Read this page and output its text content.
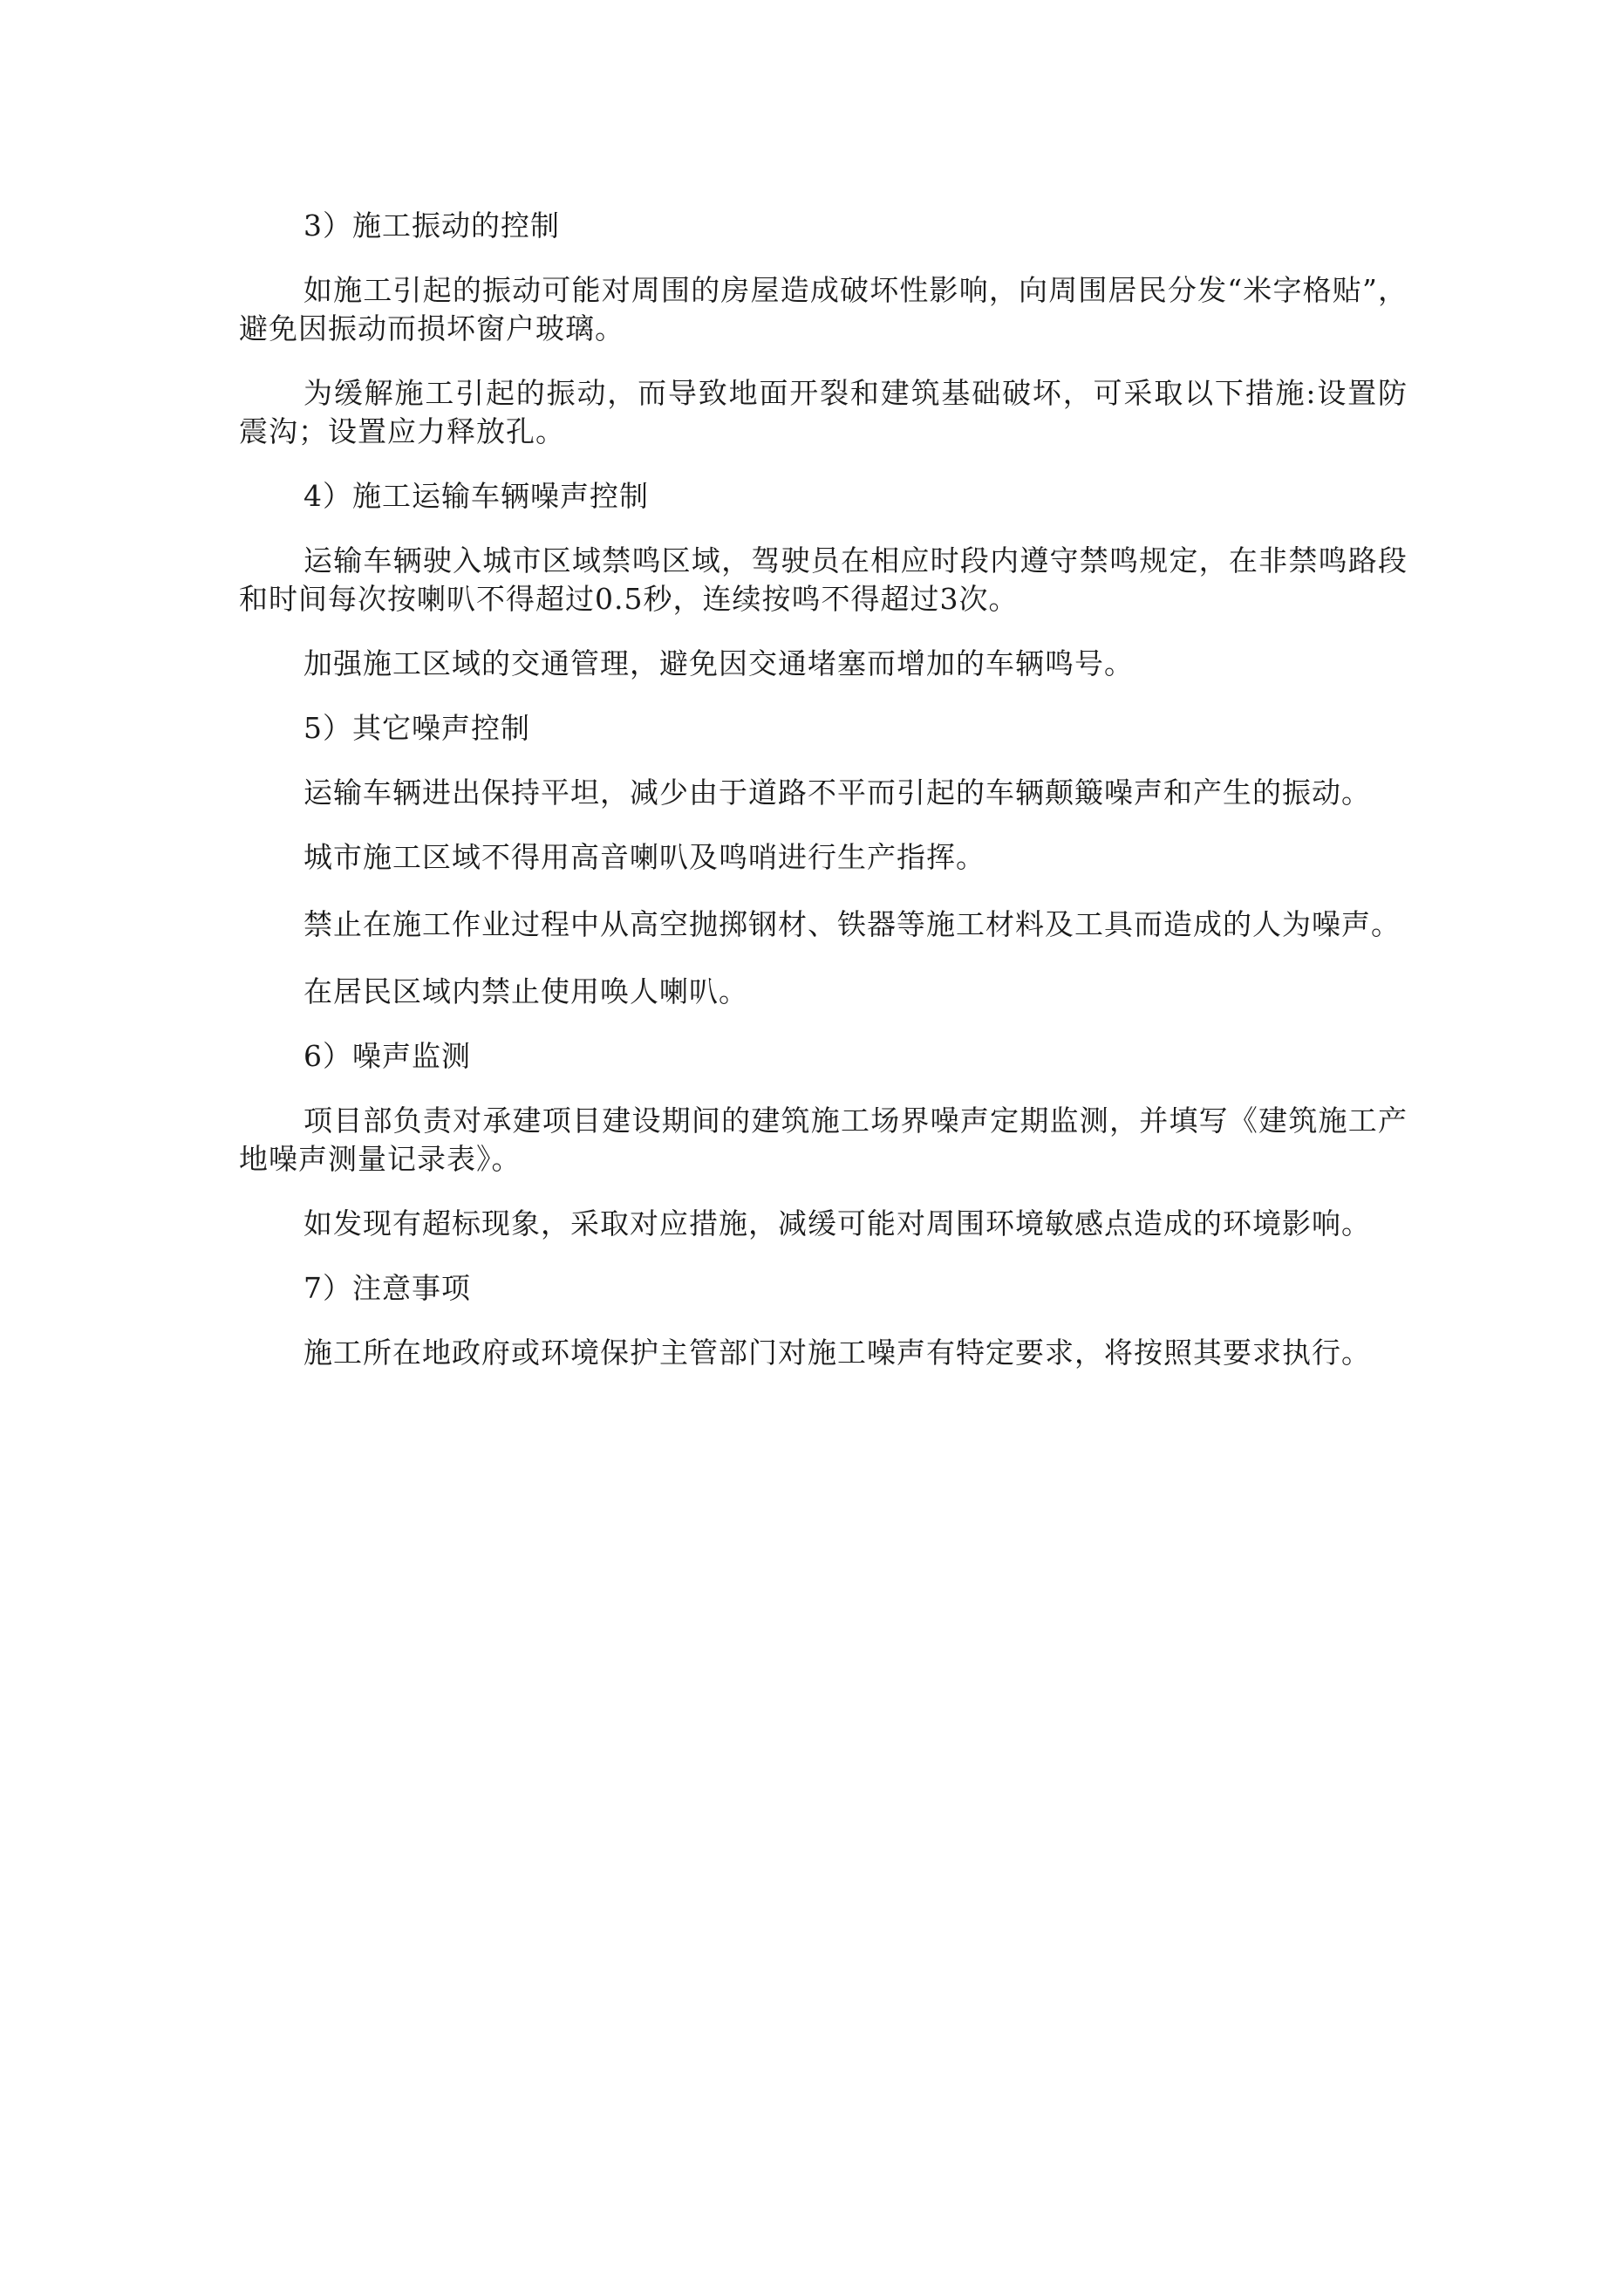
3）施工振动的控制

如施工引起的振动可能对周围的房屋造成破坏性影响，向周围居民分发“米字格贴”，避免因振动而损坏窗户玻璃。

为缓解施工引起的振动，而导致地面开裂和建筑基础破坏，可采取以下措施:设置防震沟；设置应力释放孔。

4）施工运输车辆噪声控制

运输车辆驶入城市区域禁鸣区域，驾驶员在相应时段内遵守禁鸣规定，在非禁鸣路段和时间每次按喇叭不得超过0.5秒，连续按鸣不得超过3次。

加强施工区域的交通管理，避免因交通堵塞而增加的车辆鸣号。

5）其它噪声控制

运输车辆进出保持平坦，减少由于道路不平而引起的车辆颠簸噪声和产生的振动。

城市施工区域不得用高音喇叭及鸣哨进行生产指挥。

禁止在施工作业过程中从高空抛掷钢材、铁器等施工材料及工具而造成的人为噪声。

在居民区域内禁止使用唤人喇叭。

6）噪声监测

项目部负责对承建项目建设期间的建筑施工场界噪声定期监测，并填写《建筑施工产地噪声测量记录表》。

如发现有超标现象，采取对应措施，减缓可能对周围环境敏感点造成的环境影响。

7）注意事项

施工所在地政府或环境保护主管部门对施工噪声有特定要求，将按照其要求执行。
